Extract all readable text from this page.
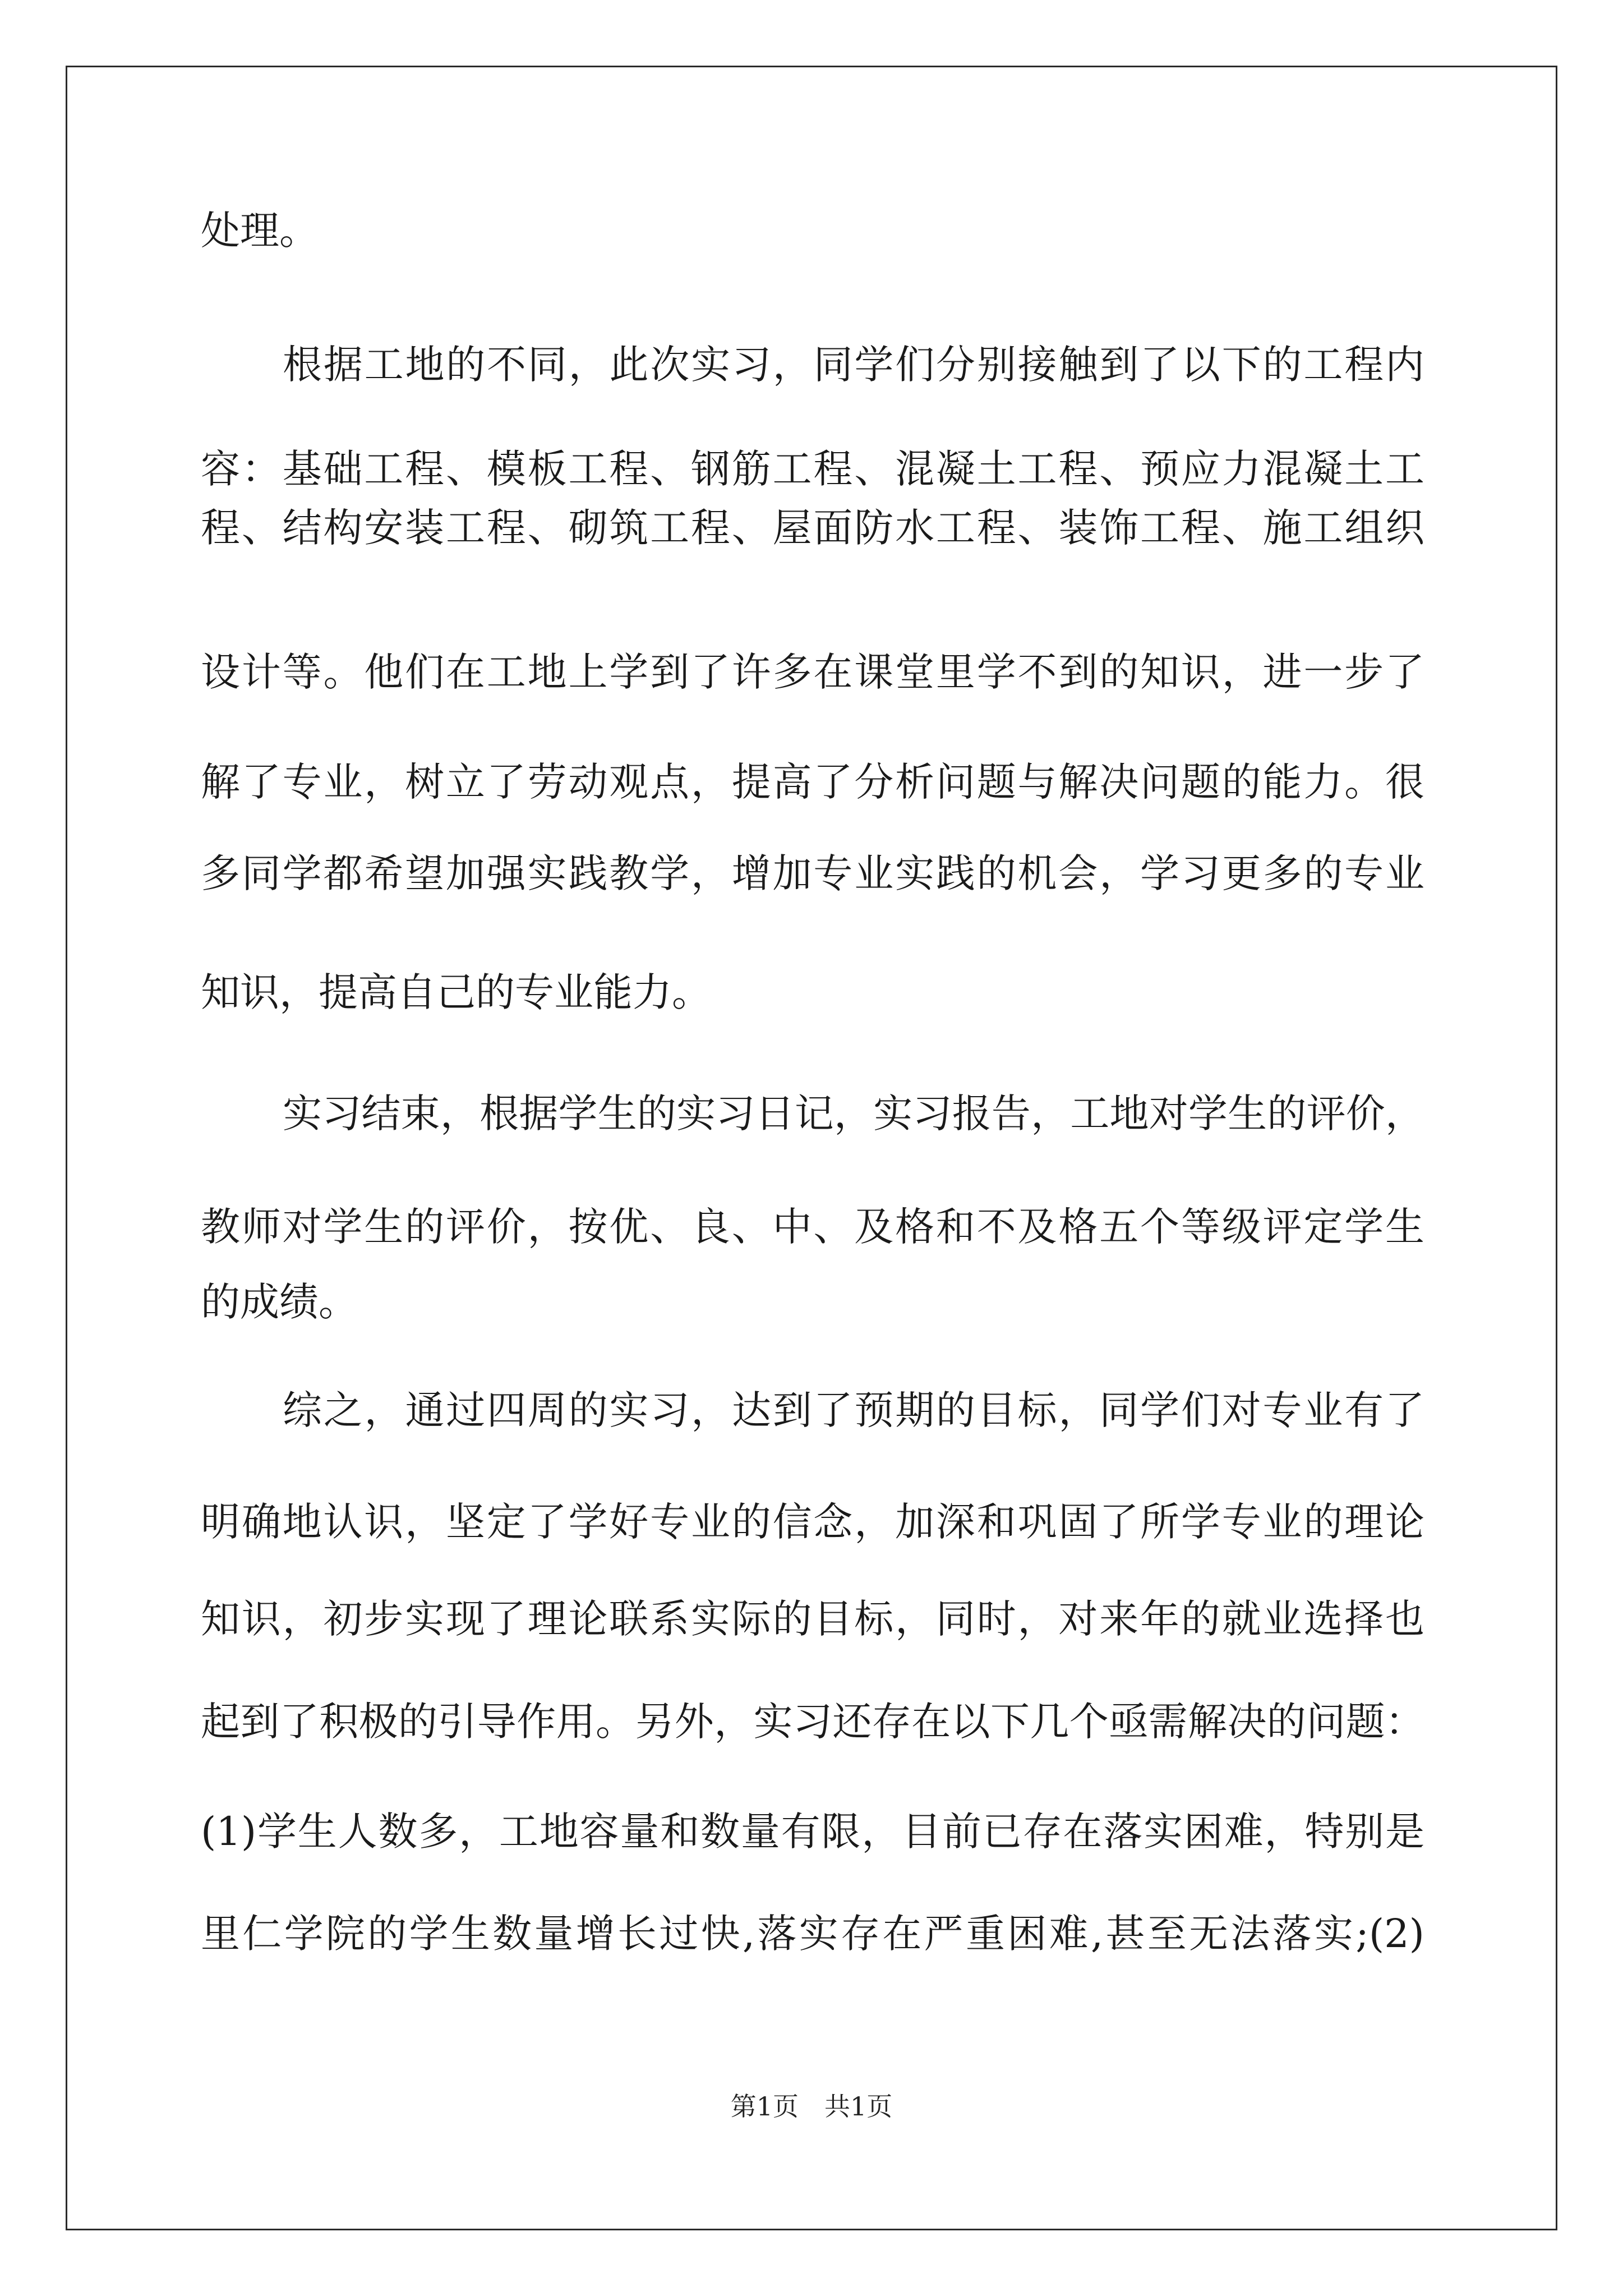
处理。

根据工地的不同，此次实习，同学们分别接触到了以下的工程内

容：基础工程、模板工程、钢筋工程、混凝土工程、预应力混凝土工

程、结构安装工程、砌筑工程、屋面防水工程、装饰工程、施工组织

设计等。他们在工地上学到了许多在课堂里学不到的知识，进一步了

解了专业，树立了劳动观点，提高了分析问题与解决问题的能力。很

多同学都希望加强实践教学，增加专业实践的机会，学习更多的专业

知识，提高自己的专业能力。

实习结束，根据学生的实习日记，实习报告，工地对学生的评价，

教师对学生的评价，按优、良、中、及格和不及格五个等级评定学生

的成绩。

综之，通过四周的实习，达到了预期的目标，同学们对专业有了

明确地认识，坚定了学好专业的信念，加深和巩固了所学专业的理论

知识，初步实现了理论联系实际的目标，同时，对来年的就业选择也

起到了积极的引导作用。另外，实习还存在以下几个亟需解决的问题：

(1)学生人数多，工地容量和数量有限，目前已存在落实困难，特别是

里仁学院的学生数量增长过快,落实存在严重困难,甚至无法落实;(2)

第1页　共1页
